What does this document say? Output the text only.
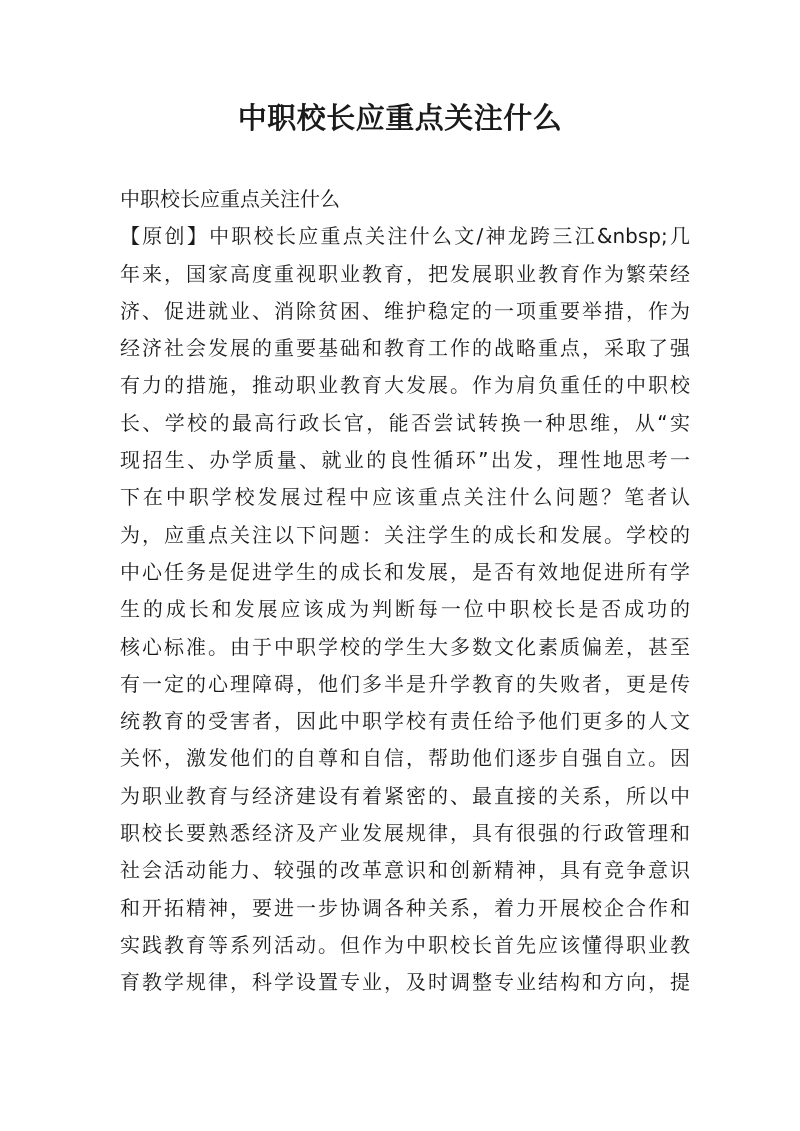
中职校长应重点关注什么
中职校长应重点关注什么
【原创】中职校长应重点关注什么文/神龙跨三江&nbsp;几
年来，国家高度重视职业教育，把发展职业教育作为繁荣经
济、促进就业、消除贫困、维护稳定的一项重要举措，作为
经济社会发展的重要基础和教育工作的战略重点，采取了强
有力的措施，推动职业教育大发展。作为肩负重任的中职校
长、学校的最高行政长官，能否尝试转换一种思维，从“实
现招生、办学质量、就业的良性循环”出发，理性地思考一
下在中职学校发展过程中应该重点关注什么问题？笔者认
为，应重点关注以下问题：关注学生的成长和发展。学校的
中心任务是促进学生的成长和发展，是否有效地促进所有学
生的成长和发展应该成为判断每一位中职校长是否成功的
核心标准。由于中职学校的学生大多数文化素质偏差，甚至
有一定的心理障碍，他们多半是升学教育的失败者，更是传
统教育的受害者，因此中职学校有责任给予他们更多的人文
关怀，激发他们的自尊和自信，帮助他们逐步自强自立。因
为职业教育与经济建设有着紧密的、最直接的关系，所以中
职校长要熟悉经济及产业发展规律，具有很强的行政管理和
社会活动能力、较强的改革意识和创新精神，具有竞争意识
和开拓精神，要进一步协调各种关系，着力开展校企合作和
实践教育等系列活动。但作为中职校长首先应该懂得职业教
育教学规律，科学设置专业，及时调整专业结构和方向，提
